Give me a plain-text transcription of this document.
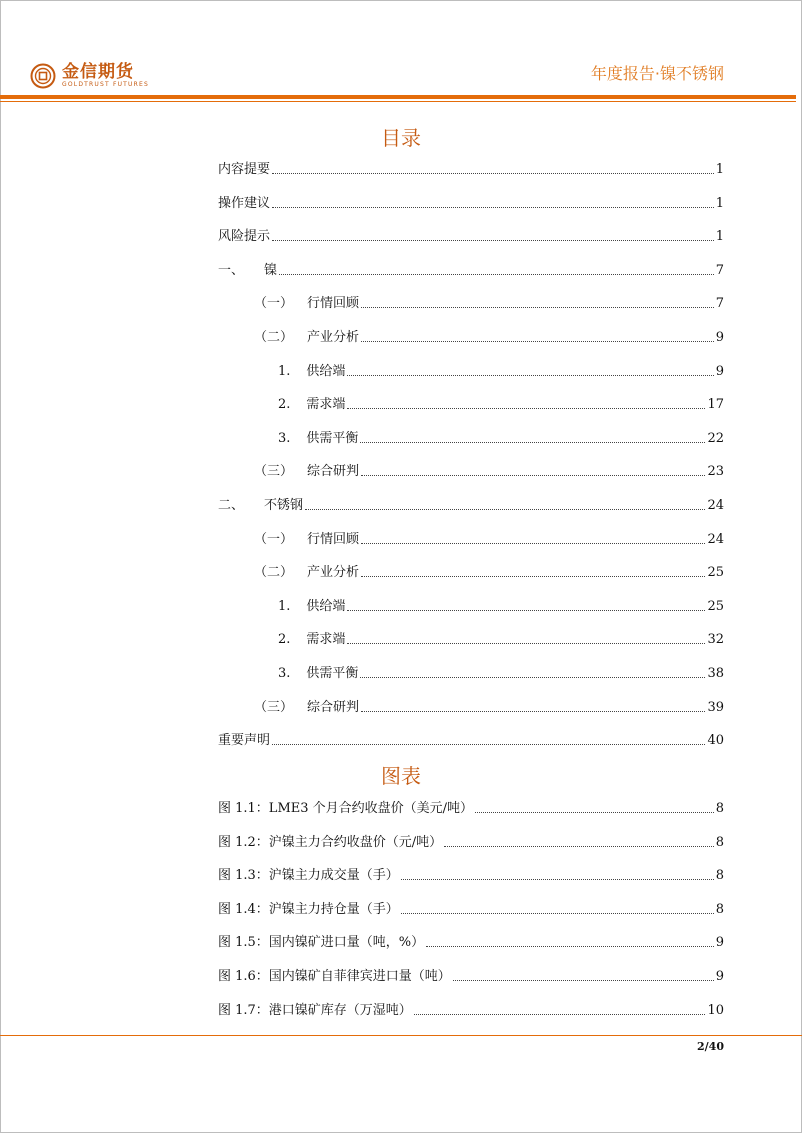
金信期货
GOLDTRUST FUTURES
年度报告·镍不锈钢
目录
内容提要	1
操作建议	1
风险提示	1
一、 镍	7
（一） 行情回顾	7
（二） 产业分析	9
1. 供给端	9
2. 需求端	17
3. 供需平衡	22
（三） 综合研判	23
二、 不锈钢	24
（一） 行情回顾	24
（二） 产业分析	25
1. 供给端	25
2. 需求端	32
3. 供需平衡	38
（三） 综合研判	39
重要声明	40
图表
图 1.1：LME3 个月合约收盘价（美元/吨）	8
图 1.2：沪镍主力合约收盘价（元/吨）	8
图 1.3：沪镍主力成交量（手）	8
图 1.4：沪镍主力持仓量（手）	8
图 1.5：国内镍矿进口量（吨，%）	9
图 1.6：国内镍矿自菲律宾进口量（吨）	9
图 1.7：港口镍矿库存（万湿吨）	10
2/40
